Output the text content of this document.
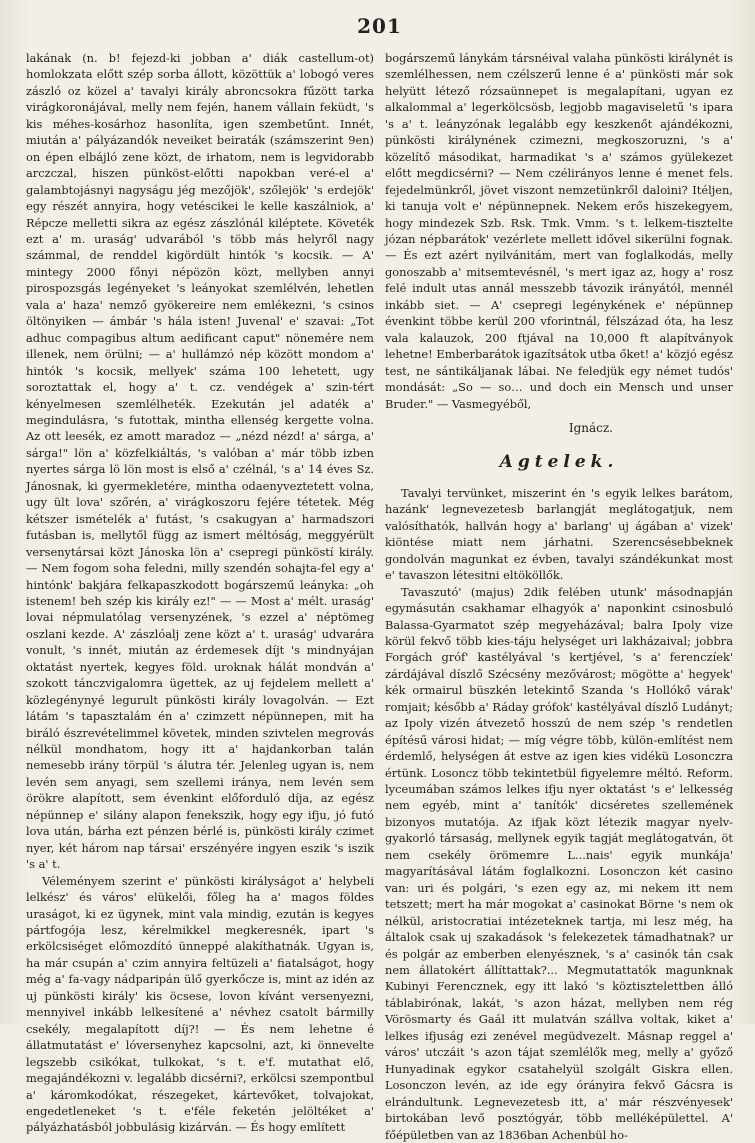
201

lakának (n. b! fejezd-ki jobban a' diák castellum-ot) homlokzata előtt szép sorba állott, közöttük a' lobogó veres zászló oz közel a' tavalyi király abroncsokra fűzött tarka virágkoronájával, melly nem fején, hanem vállain feküdt, 's kis méhes-kosárhoz hasonlíta, igen szembetűnt. Innét, miután a' pályázandók neveiket beiraták (számszerint 9en) on épen elbájló zene közt, de irhatom, nem is legvidorabb arczczal, hiszen pünköst-előtti napokban veré-el a' galambtojásnyi nagyságu jég mezőjök', szőlejök' 's erdejök' egy részét annyira, hogy vetéscikei le kelle kaszálniok, a' Répcze melletti sikra az egész zászlónál kiléptete. Követék ezt a' m. uraság' udvarából 's több más helyről nagy számmal, de renddel kigördült hintók 's kocsik. — A' mintegy 2000 főnyi népözön közt, mellyben annyi pirospozsgás legényeket 's leányokat szemlélvén, lehetlen vala a' haza' nemző gyökereire nem emlékezni, 's csinos öltönyiken — ámbár 's hála isten! Juvenal' e' szavai: „Tot adhuc compagibus altum aedificant caput" nönemére nem illenek, nem örülni; — a' hullámzó nép között mondom a' hintók 's kocsik, mellyek' száma 100 lehetett, ugy soroztattak el, hogy a' t. cz. vendégek a' szin-tért kényelmesen szemlélheték. Ezekután jel adaték a' megindulásra, 's futottak, mintha ellenség kergette volna. Az ott leesék, ez amott maradoz — „nézd nézd! a' sárga, a' sárga!" lön a' közfelkiáltás, 's valóban a' már több izben nyertes sárga lö lön most is első a' czélnál, 's a' 14 éves Sz. Jánosnak, ki gyermekletére, mintha odaenyveztetett volna, ugy ült lova' szőrén, a' virágkoszoru fejére tétetek. Még kétszer ismételék a' futást, 's csakugyan a' harmadszori futásban is, mellytől függ az ismert méltóság, meggyérült versenytársai közt Jánoska lön a' csepregi pünköstí király. — Nem fogom soha feledni, milly szendén sohajta-fel egy a' hintónk' bakjára felkapaszkodott bogárszemű leányka: „oh istenem! beh szép kis király ez!" — — Most a' mélt. uraság' lovai népmulatólag versenyzének, 's ezzel a' néptömeg oszlani kezde. A' zászlóalj zene közt a' t. uraság' udvarára vonult, 's innét, miután az érdemesek díjt 's mindnyájan oktatást nyertek, kegyes föld. uroknak hálát mondván a' szokott tánczvigalomra ügettek, az uj fejdelem mellett a' közlegénynyé legurult pünkösti király lovagolván. — Ezt látám 's tapasztalám én a' czimzett népünnepen, mit ha biráló észrevételimmel követek, minden szivtelen megrovás nélkül mondhatom, hogy itt a' hajdankorban talán nemesebb irány törpül 's álutra tér. Jelenleg ugyan is, nem levén sem anyagi, sem szellemi iránya, nem levén sem örökre alapított, sem évenkint előforduló díja, az egész népünnep e' silány alapon fenekszik, hogy egy ifju, jó futó lova után, bárha ezt pénzen bérlé is, pünkösti király czimet nyer, két három nap társai' erszényére ingyen eszik 's iszik 's a' t.

Véleményem szerint e' pünkösti királyságot a' helybeli lelkész' és város' elükelői, főleg ha a' magos földes uraságot, ki ez ügynek, mint vala mindig, ezután is kegyes pártfogója lesz, kérelmikkel megkeresnék, ipart 's erkölcsiséget előmozdító ünneppé alakíthatnák. Ugyan is, ha már csupán a' czim annyira feltüzeli a' fiatalságot, hogy még a' fa-vagy nádparipán ülő gyerkőcze is, mint az idén az uj pünkösti király' kis öcsese, lovon kívánt versenyezni, mennyivel inkább lelkesítené a' névhez csatolt bármilly csekély, megalapított díj?! — És nem lehetne é állatmutatást e' lóversenyhez kapcsolni, azt, ki önnevelte legszebb csikókat, tulkokat, 's t. e'f. mutathat elő, megajándékozni v. legalább dicsérni?, erkölcsi szempontbul a' káromkodókat, részegeket, kártevőket, tolvajokat, engedetleneket 's t. e'féle feketén jelöltéket a' pályázhatásból jobbulásig kizárván. — És hogy említett

bogárszemű lánykám társnéival valaha pünkösti királynét is szemlélhessen, nem czélszerű lenne é a' pünkösti már sok helyütt létező rózsaünnepet is megalapítani, ugyan ez alkalommal a' legerkölcsösb, legjobb magaviseletű 's ipara 's a' t. leányzónak legalább egy keszkenőt ajándékozni, pünkösti királynének czimezni, megkoszoruzni, 's a' közelítő másodikat, harmadikat 's a' számos gyülekezet előtt megdicsérni? — Nem czélirányos lenne é menet fels. fejedelmünkről, jövet viszont nemzetünkről daloini? Itéljen, ki tanuja volt e' népünnepnek. Nekem erős hiszekegyem, hogy mindezek Szb. Rsk. Tmk. Vmm. 's t. lelkem-tisztelte józan népbarátok' vezérlete mellett idővel sikerülni fognak. — És ezt azért nyilvánitám, mert van foglalkodás, melly gonoszabb a' mitsemtevésnél, 's mert igaz az, hogy a' rosz felé indult utas annál messzebb távozik irányától, mennél inkább siet. — A' csepregi legénykének e' népünnep évenkint többe kerül 200 vforintnál, félszázad óta, ha lesz vala kalauzok, 200 ftjával na 10,000 ft alapítványok lehetne! Emberbarátok igazítsátok utba őket! a' közjó egész test, ne sántikáljanak lábai. Ne feledjük egy német tudós' mondását: „So — so… und doch ein Mensch und unser Bruder." — Vasmegyéből,

Ignácz.
Agtelek.

Tavalyi tervünket, miszerint én 's egyik lelkes barátom, hazánk' legnevezetesb barlangját meglátogatjuk, nem valósíthatók, hallván hogy a' barlang' uj ágában a' vizek' kiöntése miatt nem járhatni. Szerencsésebbeknek gondolván magunkat ez évben, tavalyi szándékunkat most e' tavaszon létesitni eltököllők.

Tavaszutó' (majus) 2dik felében utunk' másodnapján egymásután csakhamar elhagyók a' naponkint csinosbuló Balassa-Gyarmatot szép megyeházával; balra Ipoly vize körül fekvő több kies-táju helységet uri lakházaival; jobbra Forgách gróf' kastélyával 's kertjével, 's a' ferenczíek' zárdájával díszlő Szécsény mezővárost; mögötte a' hegyek' kék ormairul büszkén letekintő Szanda 's Hollókő várak' romjait; később a' Ráday grófok' kastélyával díszlő Ludányt; az Ipoly vizén átvezető hosszú de nem szép 's rendetlen építésű városi hidat; — míg végre több, külön-említést nem érdemlő, helységen át estve az igen kies vidékü Losonczra értünk. Losoncz több tekintetbül figyelemre méltó. Reform. lyceumában számos lelkes ifju nyer oktatást 's e' lelkesség nem egyéb, mint a' tanítók' dicséretes szellemének bizonyos mutatója. Az ifjak közt létezik magyar nyelv-gyakorló társaság, mellynek egyik tagját meglátogatván, öt nem csekély örömemre L...nais' egyik munkája' magyarításával látám foglalkozni. Losonczon két casino van: uri és polgári, 's ezen egy az, mi nekem itt nem tetszett; mert ha már mogokat a' casinokat Börne 's nem ok nélkül, aristocratiai intézeteknek tartja, mi lesz még, ha általok csak uj szakadások 's felekezetek támadhatnak? ur és polgár az emberben elenyésznek, 's a' casinók tán csak nem állatokért állíttattak?... Megmutattatók magunknak Kubinyi Ferencznek, egy itt lakó 's köztisztelettben álló táblabirónak, lakát, 's azon házat, mellyben nem rég Vörösmarty és Gaál itt mulatván szállva voltak, kiket a' lelkes ifjuság ezi zenével megüdvezelt. Másnap reggel a' város' utczáit 's azon tájat szemlélők meg, melly a' győző Hunyadinak egykor csatahelyül szolgált Giskra ellen. Losonczon levén, az ide egy órányira fekvő Gácsra is elrándultunk. Legnevezetesb itt, a' már részvényesek' birtokában levő posztógyár, több melléképülettel. A' főépületben van az 1836ban Achenbül ho-
